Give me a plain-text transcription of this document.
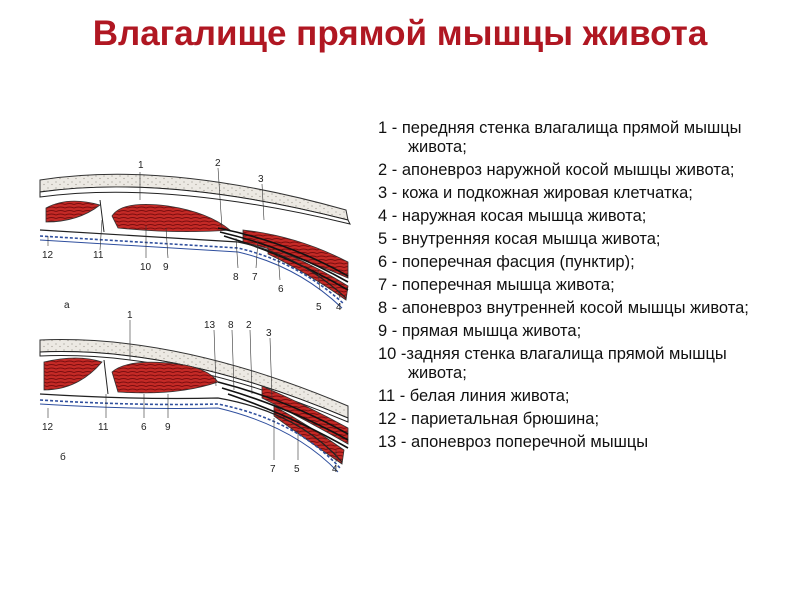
Влагалище прямой мышцы живота
1 - передняя стенка влагалища прямой мышцы живота;
2 - апоневроз наружной косой мышцы живота;
3 - кожа и подкожная жировая клетчатка;
4 - наружная косая мышца живота;
5 - внутренняя косая мышца живота;
6 - поперечная фасция (пунктир);
7 - поперечная мышца живота;
8 - апоневроз внутренней косой мышцы живота;
9 - прямая мышца живота;
10 -задняя стенка влагалища прямой мышцы живота;
11 - белая линия живота;
12 - париетальная брюшина;
13 - апоневроз поперечной мышцы
1	2
3
12	11
10 9
8 7
6
5 4
а
1
13 8 2
3
12	11	6 9
7 5	4
б
